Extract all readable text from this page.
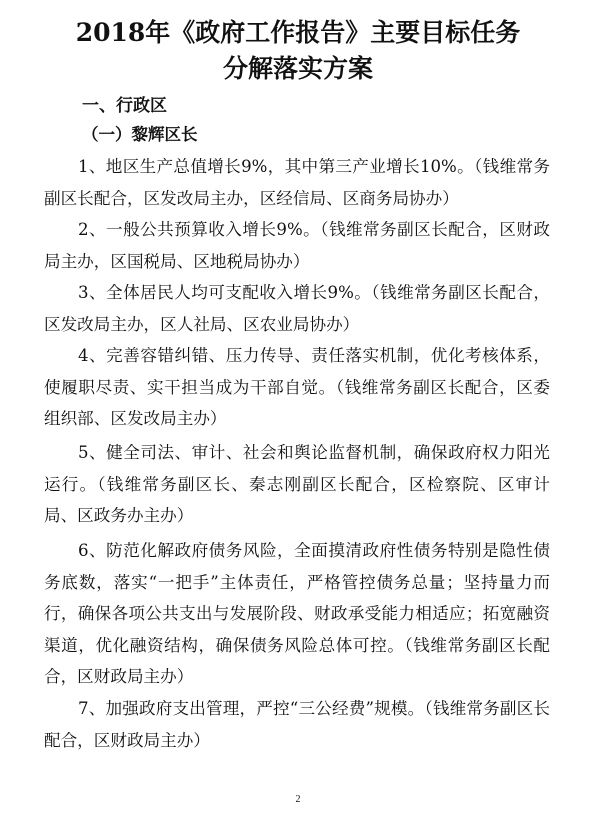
2018年《政府工作报告》主要目标任务
分解落实方案
一、行政区
（一）黎辉区长
1、地区生产总值增长9%，其中第三产业增长10%。（钱维常务副区长配合，区发改局主办，区经信局、区商务局协办）
2、一般公共预算收入增长9%。（钱维常务副区长配合，区财政局主办，区国税局、区地税局协办）
3、全体居民人均可支配收入增长9%。（钱维常务副区长配合，区发改局主办，区人社局、区农业局协办）
4、完善容错纠错、压力传导、责任落实机制，优化考核体系，使履职尽责、实干担当成为干部自觉。（钱维常务副区长配合，区委组织部、区发改局主办）
5、健全司法、审计、社会和舆论监督机制，确保政府权力阳光运行。（钱维常务副区长、秦志刚副区长配合，区检察院、区审计局、区政务办主办）
6、防范化解政府债务风险，全面摸清政府性债务特别是隐性债务底数，落实“一把手”主体责任，严格管控债务总量；坚持量力而行，确保各项公共支出与发展阶段、财政承受能力相适应；拓宽融资渠道，优化融资结构，确保债务风险总体可控。（钱维常务副区长配合，区财政局主办）
7、加强政府支出管理，严控“三公经费”规模。（钱维常务副区长配合，区财政局主办）
2
